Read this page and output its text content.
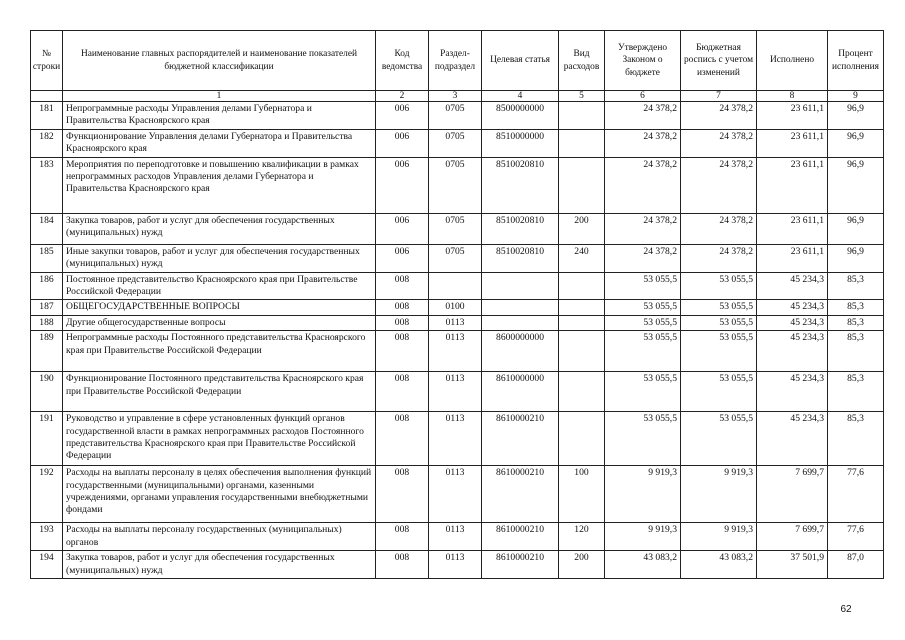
№ строки	Наименование главных распорядителей и наименование показателей бюджетной классификации	Код ведомства	Раздел-подраздел	Целевая статья	Вид расходов	Утверждено Законом о бюджете	Бюджетная роспись с учетом изменений	Исполнено	Процент исполнения
	1	2	3	4	5	6	7	8	9
181	Непрограммные расходы Управления делами Губернатора и Правительства Красноярского края	006	0705	8500000000		24 378,2	24 378,2	23 611,1	96,9
182	Функционирование Управления делами Губернатора и Правительства Красноярского края	006	0705	8510000000		24 378,2	24 378,2	23 611,1	96,9
183	Мероприятия по переподготовке и повышению квалификации в рамках непрограммных расходов Управления делами Губернатора и Правительства Красноярского края	006	0705	8510020810		24 378,2	24 378,2	23 611,1	96,9
184	Закупка товаров, работ и услуг для обеспечения государственных (муниципальных) нужд	006	0705	8510020810	200	24 378,2	24 378,2	23 611,1	96,9
185	Иные закупки товаров, работ и услуг для обеспечения государственных (муниципальных) нужд	006	0705	8510020810	240	24 378,2	24 378,2	23 611,1	96,9
186	Постоянное представительство Красноярского края при Правительстве Российской Федерации	008				53 055,5	53 055,5	45 234,3	85,3
187	ОБЩЕГОСУДАРСТВЕННЫЕ ВОПРОСЫ	008	0100			53 055,5	53 055,5	45 234,3	85,3
188	Другие общегосударственные вопросы	008	0113			53 055,5	53 055,5	45 234,3	85,3
189	Непрограммные расходы Постоянного представительства Красноярского края при Правительстве Российской Федерации	008	0113	8600000000		53 055,5	53 055,5	45 234,3	85,3
190	Функционирование Постоянного представительства Красноярского края при Правительстве Российской Федерации	008	0113	8610000000		53 055,5	53 055,5	45 234,3	85,3
191	Руководство и управление в сфере установленных функций органов государственной власти в рамках непрограммных расходов Постоянного представительства Красноярского края при Правительстве Российской Федерации	008	0113	8610000210		53 055,5	53 055,5	45 234,3	85,3
192	Расходы на выплаты персоналу в целях обеспечения выполнения функций государственными (муниципальными) органами, казенными учреждениями, органами управления государственными внебюджетными фондами	008	0113	8610000210	100	9 919,3	9 919,3	7 699,7	77,6
193	Расходы на выплаты персоналу государственных (муниципальных) органов	008	0113	8610000210	120	9 919,3	9 919,3	7 699,7	77,6
194	Закупка товаров, работ и услуг для обеспечения государственных (муниципальных) нужд	008	0113	8610000210	200	43 083,2	43 083,2	37 501,9	87,0
62
